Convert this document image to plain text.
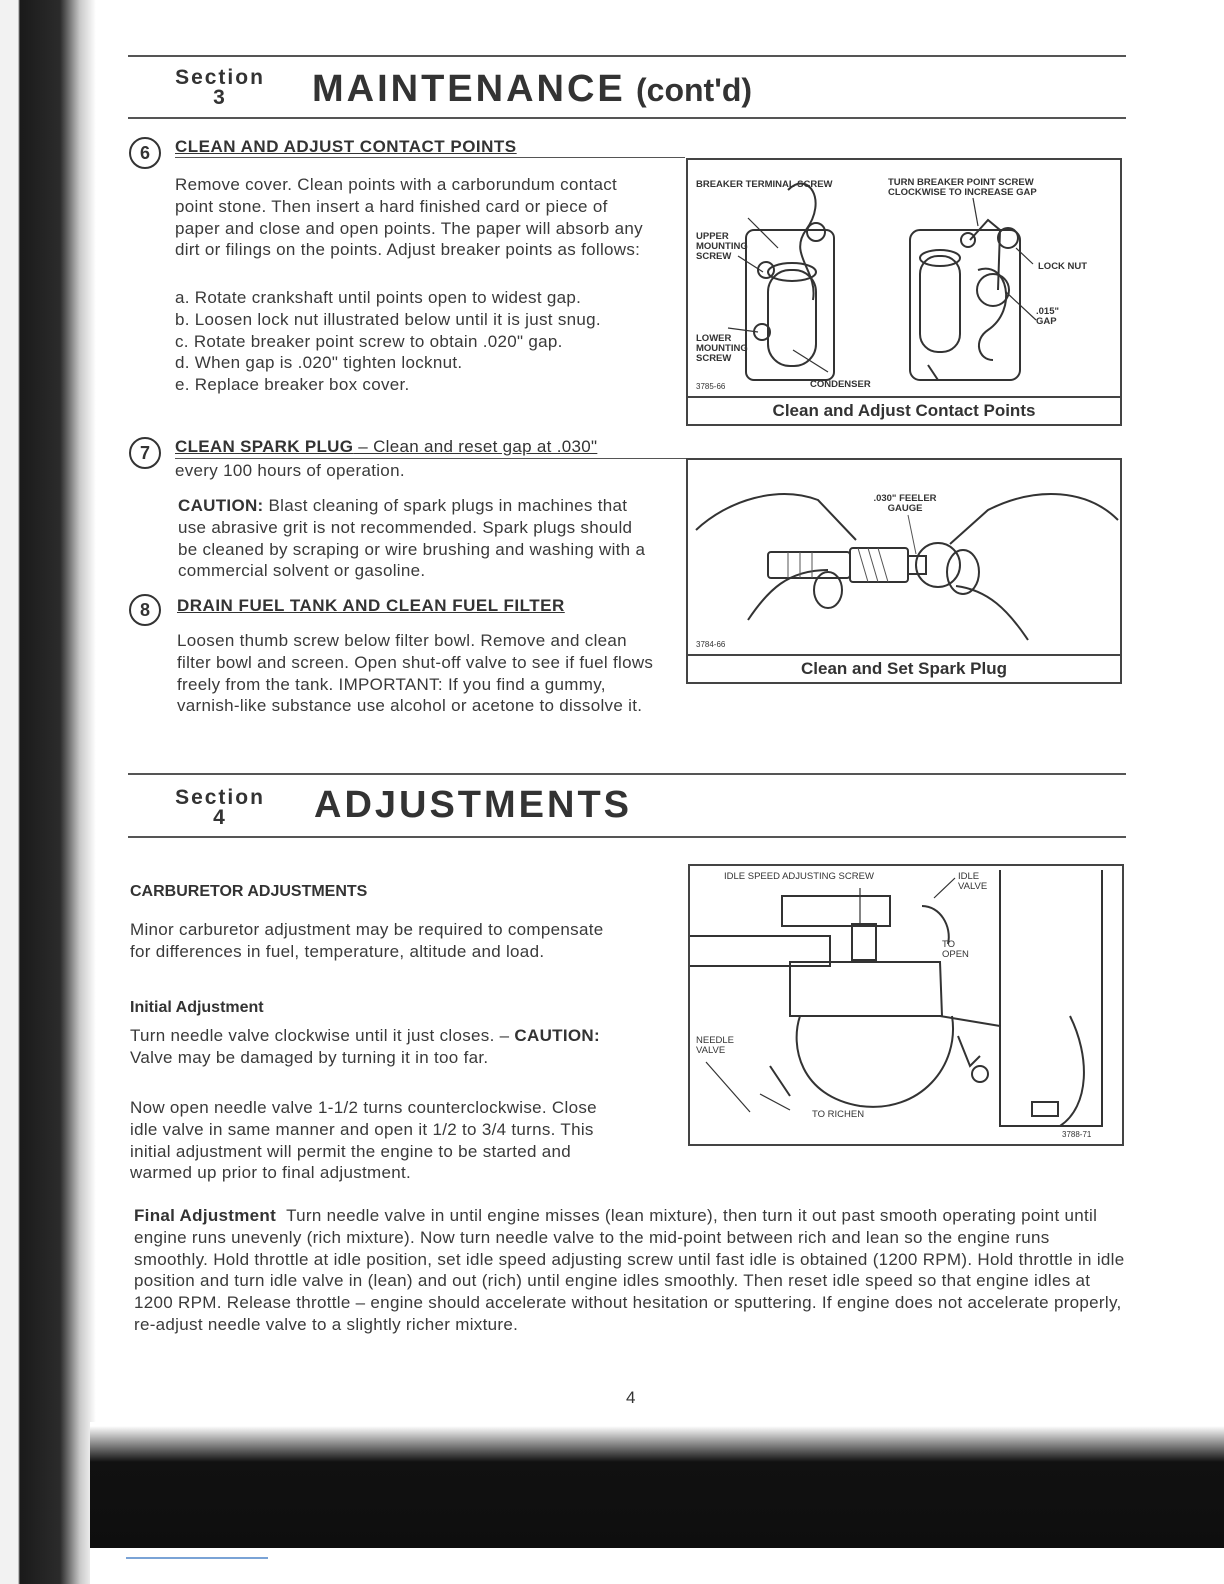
Section
3	MAINTENANCE (cont'd)
6	CLEAN AND ADJUST CONTACT POINTS

Remove cover. Clean points with a carborundum contact point stone. Then insert a hard finished card or piece of paper and close and open points. The paper will absorb any dirt or filings on the points. Adjust breaker points as follows:

a. Rotate crankshaft until points open to widest gap.
b. Loosen lock nut illustrated below until it is just snug.
c. Rotate breaker point screw to obtain .020" gap.
d. When gap is .020" tighten locknut.
e. Replace breaker box cover.
BREAKER TERMINAL SCREW
UPPER MOUNTING SCREW
LOWER MOUNTING SCREW
CONDENSER
TURN BREAKER POINT SCREW CLOCKWISE TO INCREASE GAP
LOCK NUT
.015" GAP
3785-66
Clean and Adjust Contact Points
7	CLEAN SPARK PLUG – Clean and reset gap at .030"

every 100 hours of operation.

CAUTION: Blast cleaning of spark plugs in machines that use abrasive grit is not recommended. Spark plugs should be cleaned by scraping or wire brushing and washing with a commercial solvent or gasoline.

.030" FEELER GAUGE
3784-66
Clean and Set Spark Plug
8	DRAIN FUEL TANK AND CLEAN FUEL FILTER

Loosen thumb screw below filter bowl. Remove and clean filter bowl and screen. Open shut-off valve to see if fuel flows freely from the tank. IMPORTANT: If you find a gummy, varnish-like substance use alcohol or acetone to dissolve it.

Section
4	ADJUSTMENTS
CARBURETOR ADJUSTMENTS

Minor carburetor adjustment may be required to compensate for differences in fuel, temperature, altitude and load.

Initial Adjustment

Turn needle valve clockwise until it just closes. – CAUTION: Valve may be damaged by turning it in too far.

Now open needle valve 1-1/2 turns counterclockwise. Close idle valve in same manner and open it 1/2 to 3/4 turns. This initial adjustment will permit the engine to be started and warmed up prior to final adjustment.

IDLE SPEED ADJUSTING SCREW	IDLE VALVE
TO OPEN
NEEDLE VALVE
TO RICHEN
3788-71

Final Adjustment Turn needle valve in until engine misses (lean mixture), then turn it out past smooth operating point until engine runs unevenly (rich mixture). Now turn needle valve to the mid-point between rich and lean so the engine runs smoothly. Hold throttle at idle position, set idle speed adjusting screw until fast idle is obtained (1200 RPM). Hold throttle in idle position and turn idle valve in (lean) and out (rich) until engine idles smoothly. Then reset idle speed so that engine idles at 1200 RPM. Release throttle – engine should accelerate without hesitation or sputtering. If engine does not accelerate properly, re-adjust needle valve to a slightly richer mixture.

4
